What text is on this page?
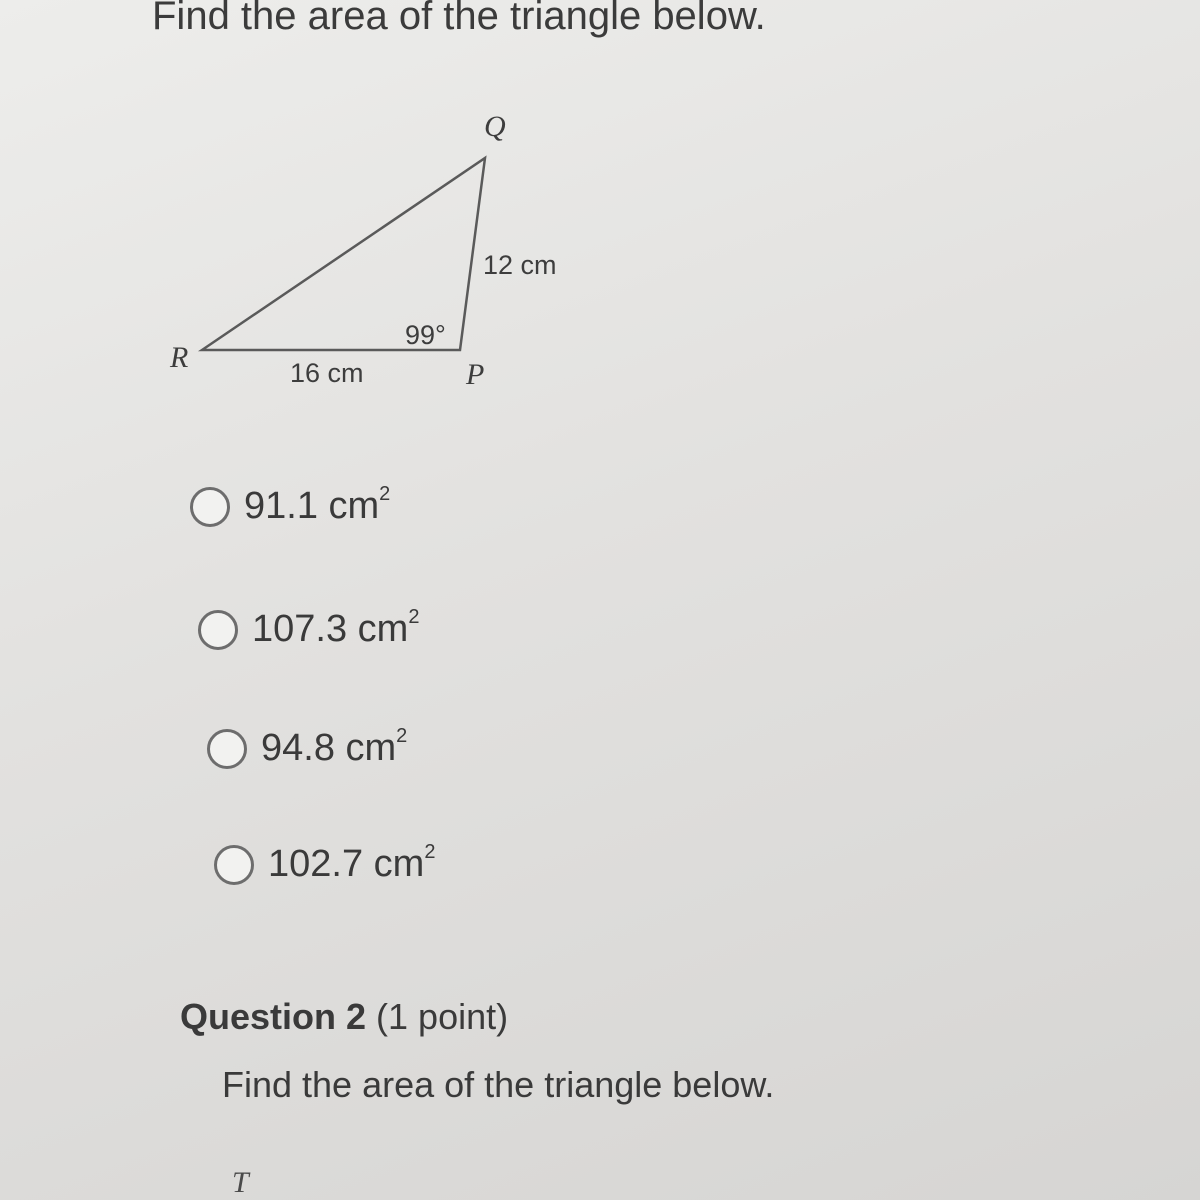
Find the area of the triangle below.
Q
R
P
12 cm
16 cm
99°
91.1 $cm^2$
107.3 $cm^2$
94.8 $cm^2$
102.7 $cm^2$
Question 2 (1 point)
Find the area of the triangle below.
T
